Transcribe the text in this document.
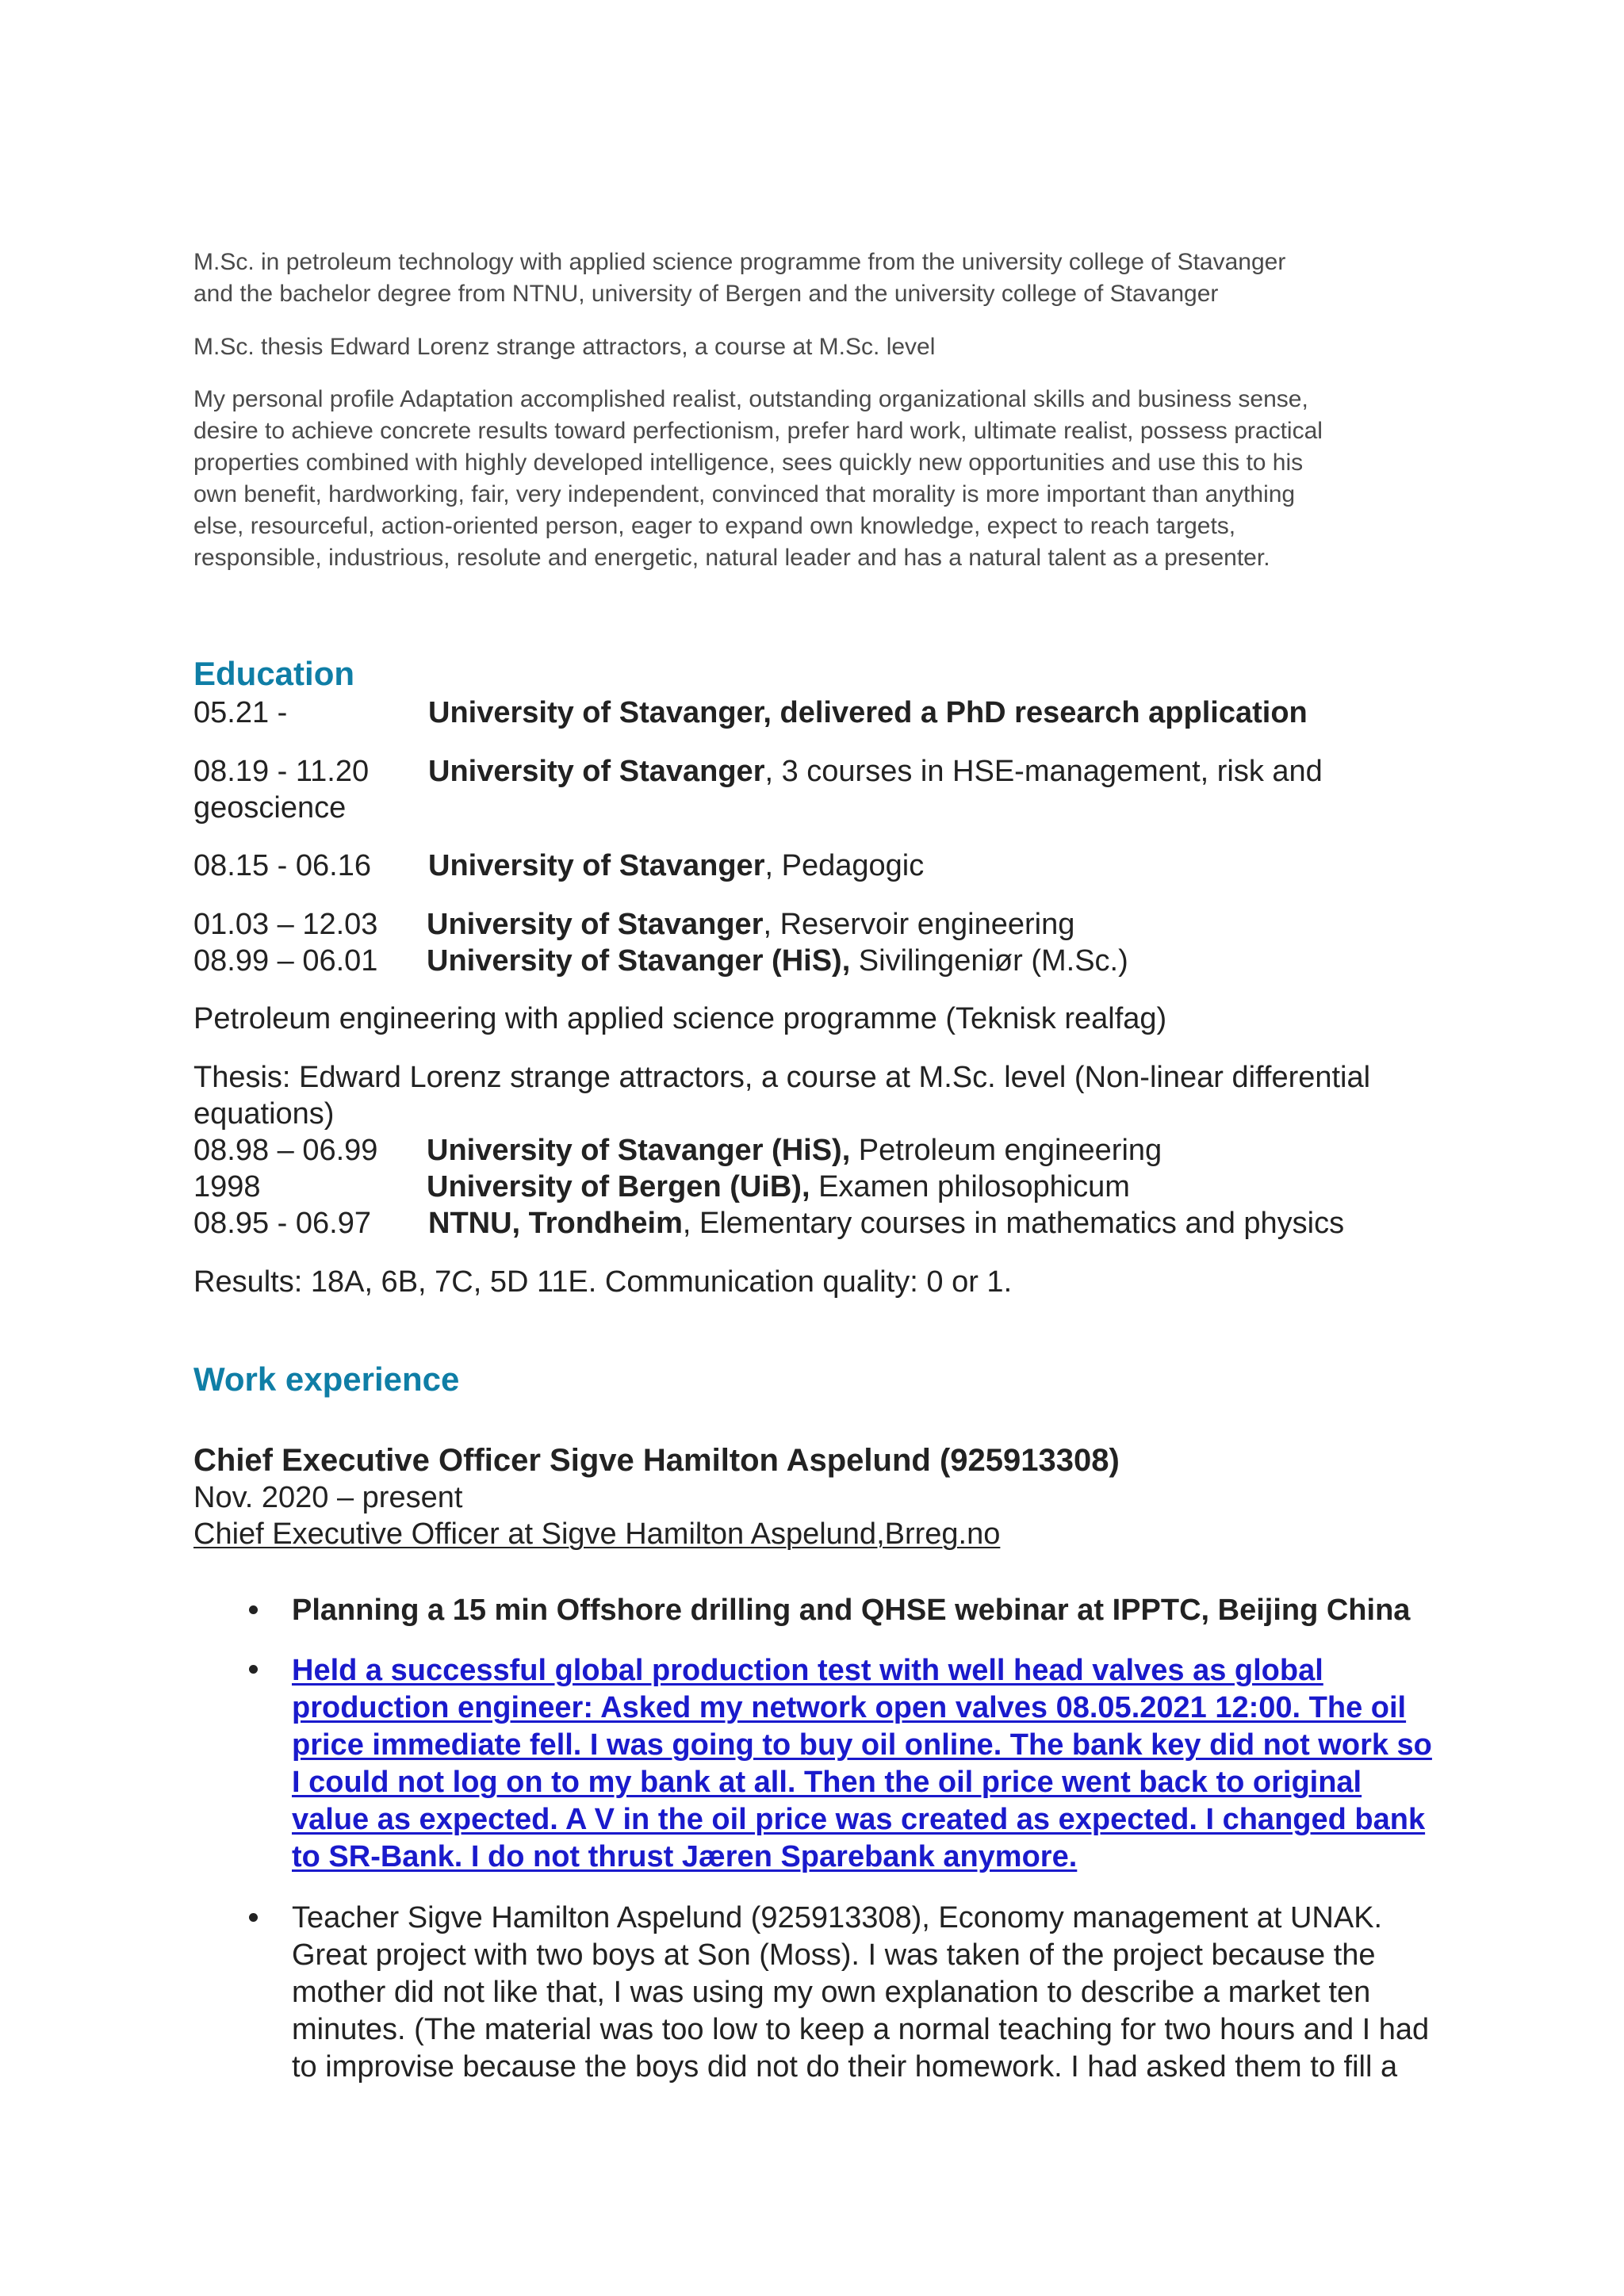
M.Sc. in petroleum technology with applied science programme from the university college of Stavanger
and the bachelor degree from NTNU, university of Bergen and the university college of Stavanger
M.Sc. thesis Edward Lorenz strange attractors, a course at M.Sc. level
My personal profile Adaptation accomplished realist, outstanding organizational skills and business sense,
desire to achieve concrete results toward perfectionism, prefer hard work, ultimate realist, possess practical
properties combined with highly developed intelligence, sees quickly new opportunities and use this to his
own benefit, hardworking, fair, very independent, convinced that morality is more important than anything
else, resourceful, action-oriented person, eager to expand own knowledge, expect to reach targets,
responsible, industrious, resolute and energetic, natural leader and has a natural talent as a presenter.
Education
05.21 -	University of Stavanger, delivered a PhD research application
08.19 - 11.20 University of Stavanger, 3 courses in HSE-management, risk and
geoscience
08.15 - 06.16 University of Stavanger, Pedagogic
01.03 – 12.03 University of Stavanger, Reservoir engineering
08.99 – 06.01 University of Stavanger (HiS), Sivilingeniør (M.Sc.)
Petroleum engineering with applied science programme (Teknisk realfag)
Thesis: Edward Lorenz strange attractors, a course at M.Sc. level (Non-linear differential
equations)
08.98 – 06.99 University of Stavanger (HiS), Petroleum engineering
1998	University of Bergen (UiB), Examen philosophicum
08.95 - 06.97 NTNU, Trondheim, Elementary courses in mathematics and physics
Results: 18A, 6B, 7C, 5D 11E. Communication quality: 0 or 1.
Work experience
Chief Executive Officer Sigve Hamilton Aspelund (925913308)
Nov. 2020 – present
Chief Executive Officer at Sigve Hamilton Aspelund,Brreg.no
Planning a 15 min Offshore drilling and QHSE webinar at IPPTC, Beijing China
Held a successful global production test with well head valves as global
production engineer: Asked my network open valves 08.05.2021 12:00. The oil
price immediate fell. I was going to buy oil online. The bank key did not work so
I could not log on to my bank at all. Then the oil price went back to original
value as expected. A V in the oil price was created as expected. I changed bank
to SR-Bank. I do not thrust Jæren Sparebank anymore.
Teacher Sigve Hamilton Aspelund (925913308), Economy management at UNAK.
Great project with two boys at Son (Moss). I was taken of the project because the
mother did not like that, I was using my own explanation to describe a market ten
minutes. (The material was too low to keep a normal teaching for two hours and I had
to improvise because the boys did not do their homework. I had asked them to fill a
